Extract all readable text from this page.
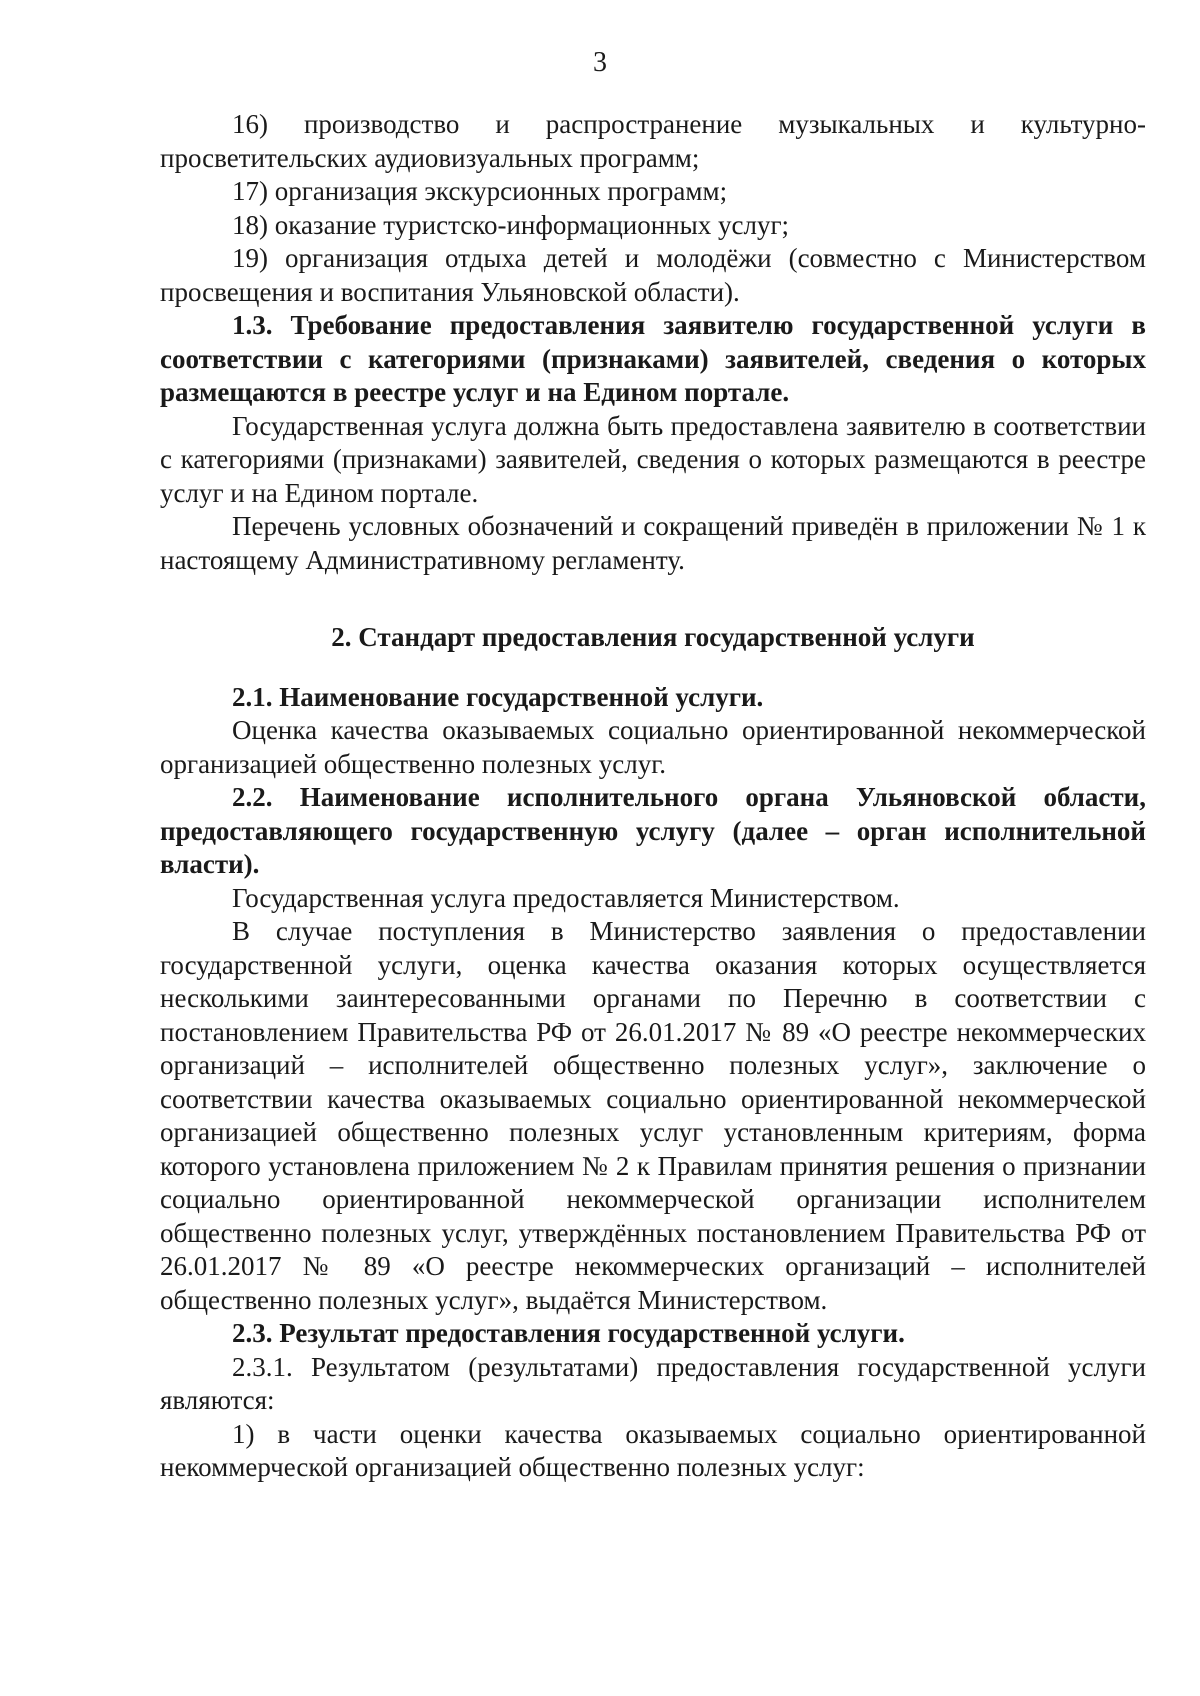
3

16) производство и распространение музыкальных и культурно-просветительских аудиовизуальных программ;

17) организация экскурсионных программ;

18) оказание туристско-информационных услуг;

19) организация отдыха детей и молодёжи (совместно с Министерством просвещения и воспитания Ульяновской области).

1.3. Требование предоставления заявителю государственной услуги в соответствии с категориями (признаками) заявителей, сведения о которых размещаются в реестре услуг и на Едином портале.

Государственная услуга должна быть предоставлена заявителю в соответствии с категориями (признаками) заявителей, сведения о которых размещаются в реестре услуг и на Едином портале.

Перечень условных обозначений и сокращений приведён в приложении № 1 к настоящему Административному регламенту.

2. Стандарт предоставления государственной услуги

2.1. Наименование государственной услуги.

Оценка качества оказываемых социально ориентированной некоммерческой организацией общественно полезных услуг.

2.2. Наименование исполнительного органа Ульяновской области, предоставляющего государственную услугу (далее – орган исполнительной власти).

Государственная услуга предоставляется Министерством.

В случае поступления в Министерство заявления о предоставлении государственной услуги, оценка качества оказания которых осуществляется несколькими заинтересованными органами по Перечню в соответствии с постановлением Правительства РФ от 26.01.2017 № 89 «О реестре некоммерческих организаций – исполнителей общественно полезных услуг», заключение о соответствии качества оказываемых социально ориентированной некоммерческой организацией общественно полезных услуг установленным критериям, форма которого установлена приложением № 2 к Правилам принятия решения о признании социально ориентированной некоммерческой организации исполнителем общественно полезных услуг, утверждённых постановлением Правительства РФ от 26.01.2017 № 89 «О реестре некоммерческих организаций – исполнителей общественно полезных услуг», выдаётся Министерством.

2.3. Результат предоставления государственной услуги.

2.3.1. Результатом (результатами) предоставления государственной услуги являются:

1) в части оценки качества оказываемых социально ориентированной некоммерческой организацией общественно полезных услуг:
